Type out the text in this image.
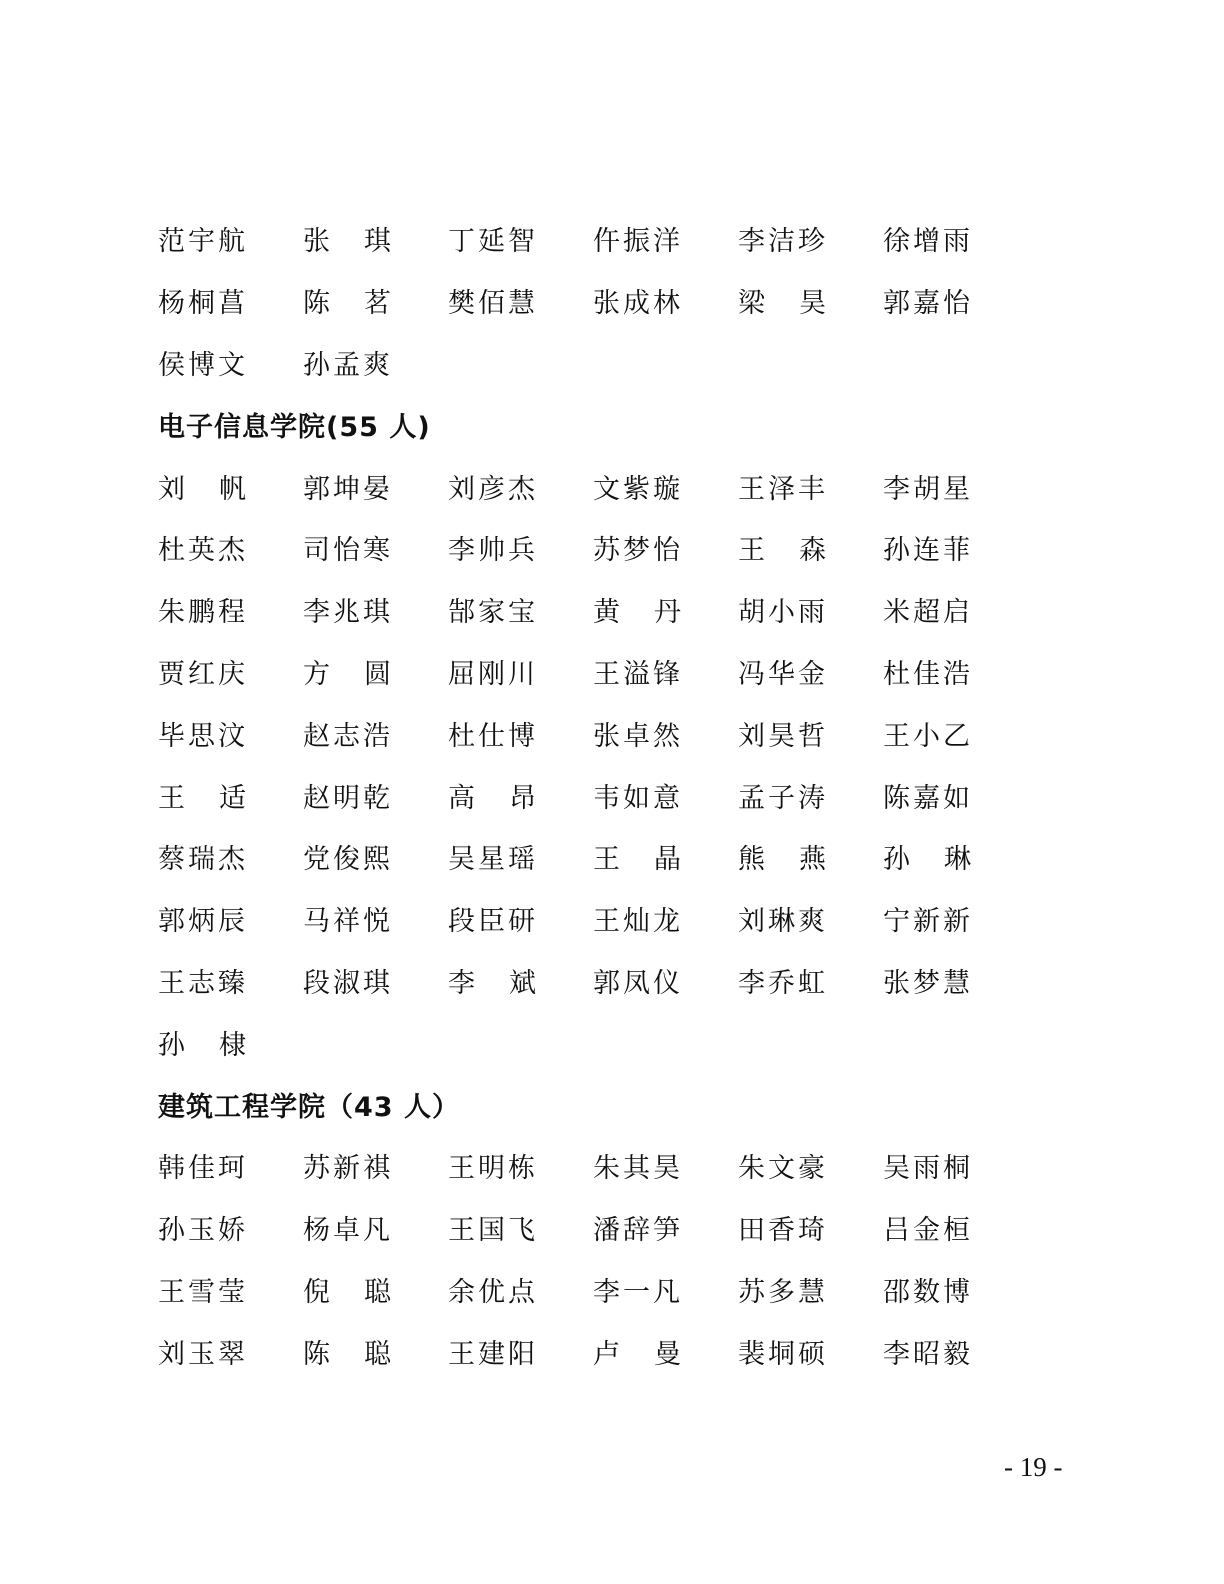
范宇航	张 琪	丁延智	仵振洋	李洁珍	徐增雨
杨桐菖	陈 茗	樊佰慧	张成林	梁 昊	郭嘉怡
侯博文	孙孟爽
电子信息学院(55 人)
刘 帆	郭坤晏	刘彦杰	文紫璇	王泽丰	李胡星
杜英杰	司怡寒	李帅兵	苏梦怡	王 森	孙连菲
朱鹏程	李兆琪	郜家宝	黄 丹	胡小雨	米超启
贾红庆	方 圆	屈刚川	王溢锋	冯华金	杜佳浩
毕思汶	赵志浩	杜仕博	张卓然	刘昊哲	王小乙
王 适	赵明乾	高 昂	韦如意	孟子涛	陈嘉如
蔡瑞杰	党俊熙	吴星瑶	王 晶	熊 燕	孙 琳
郭炳辰	马祥悦	段臣研	王灿龙	刘琳爽	宁新新
王志臻	段淑琪	李 斌	郭凤仪	李乔虹	张梦慧
孙 棣
建筑工程学院（43 人）
韩佳珂	苏新祺	王明栋	朱其昊	朱文豪	吴雨桐
孙玉娇	杨卓凡	王国飞	潘辞笋	田香琦	吕金桓
王雪莹	倪 聪	余优点	李一凡	苏多慧	邵数博
刘玉翠	陈 聪	王建阳	卢 曼	裴垌硕	李昭毅
- 19 -
